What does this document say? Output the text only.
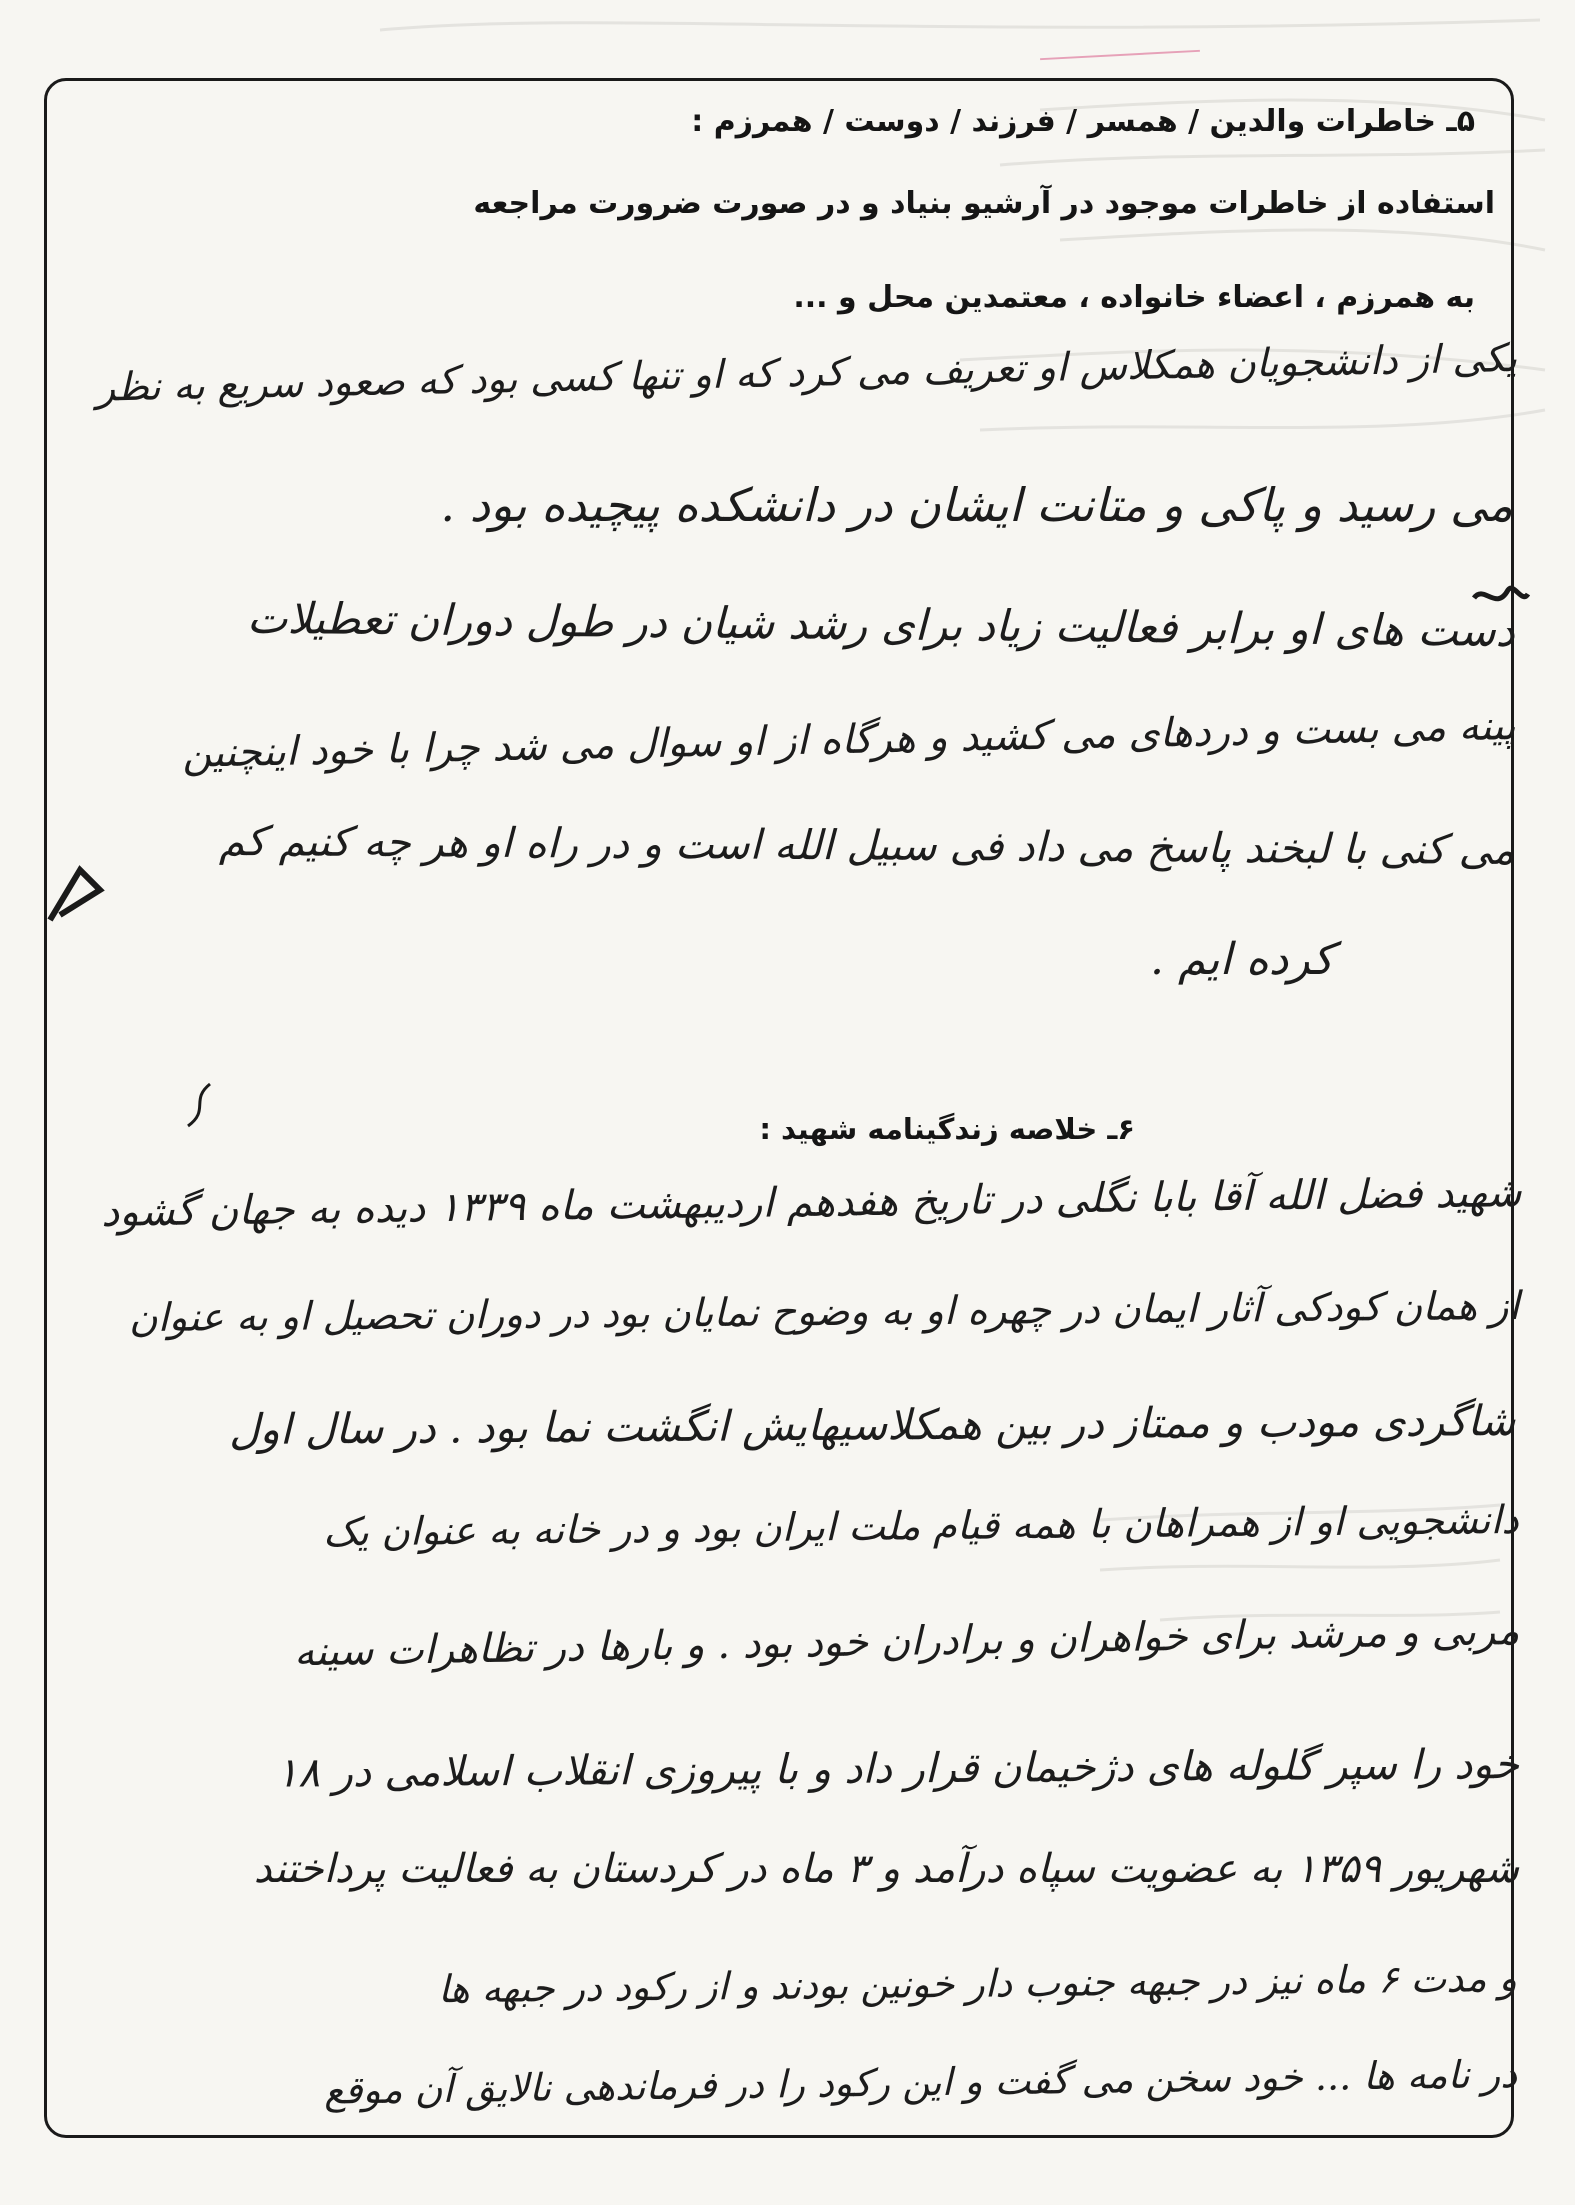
۵ـ خاطرات والدین / همسر / فرزند / دوست / همرزم :
استفاده از خاطرات موجود در آرشیو بنیاد و در صورت ضرورت مراجعه
به همرزم ، اعضاء خانواده ، معتمدین محل و ...
یکی از دانشجویان همکلاس او تعریف می کرد که او تنها کسی بود که صعود سریع به نظر
می رسید و پاکی و متانت ایشان در دانشکده پیچیده بود .
دست های او برابر فعالیت زیاد برای رشد شیان در طول دوران تعطیلات
پینه می بست و دردهای می کشید و هرگاه از او سوال می شد چرا با خود اینچنین
می کنی با لبخند پاسخ می داد فی سبیل الله است و در راه او هر چه کنیم کم
کرده ایم .
۶ـ خلاصه زندگینامه شهید :
شهید فضل الله آقا بابا نگلی در تاریخ هفدهم اردیبهشت ماه ۱۳۳۹ دیده به جهان گشود
از همان کودکی آثار ایمان در چهره او به وضوح نمایان بود در دوران تحصیل او به عنوان
شاگردی مودب و ممتاز در بین همکلاسیهایش انگشت نما بود . در سال اول
دانشجویی او از همراهان با همه قیام ملت ایران بود و در خانه به عنوان یک
مربی و مرشد برای خواهران و برادران خود بود . و بارها در تظاهرات سینه
خود را سپر گلوله های دژخیمان قرار داد و با پیروزی انقلاب اسلامی در ۱۸
شهریور ۱۳۵۹ به عضویت سپاه درآمد و ۳ ماه در کردستان به فعالیت پرداختند
و مدت ۶ ماه نیز در جبهه جنوب دار خونین بودند و از رکود در جبهه ها
در نامه ها ... خود سخن می گفت و این رکود را در فرماندهی نالایق آن موقع
